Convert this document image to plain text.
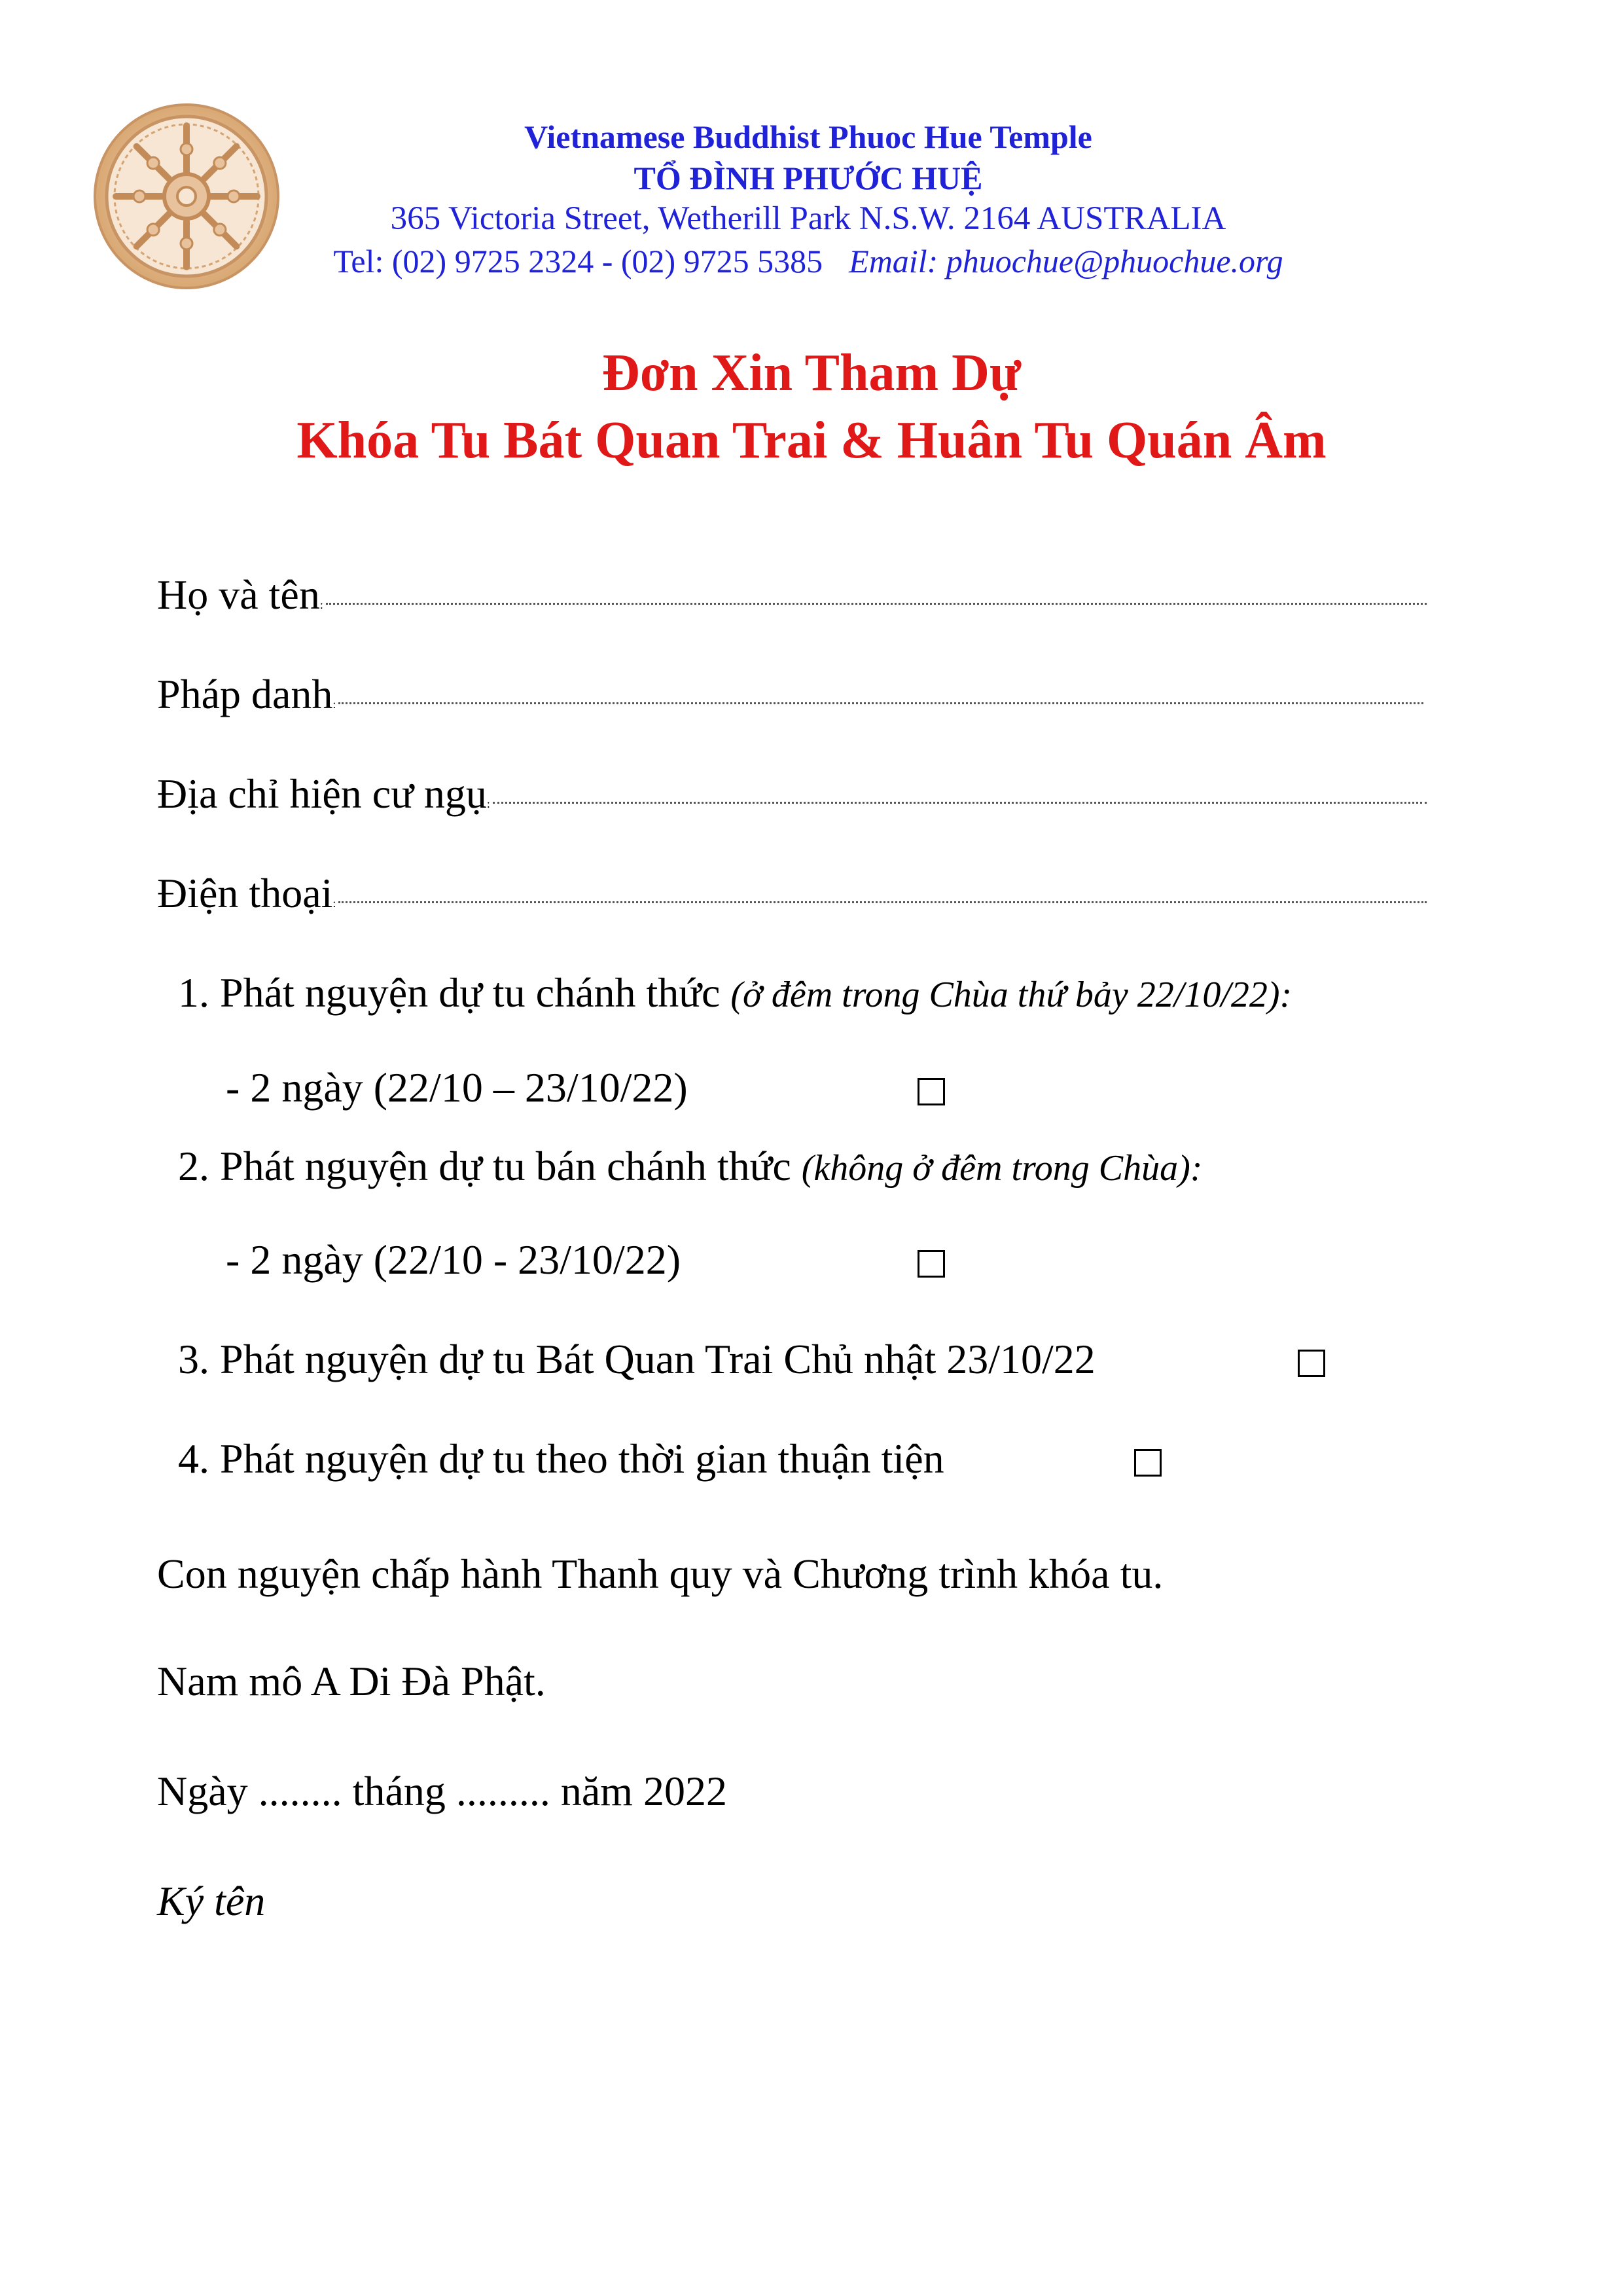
Vietnamese Buddhist Phuoc Hue Temple
TỔ ĐÌNH PHƯỚC HUỆ
365 Victoria Street, Wetherill Park N.S.W. 2164 AUSTRALIA
Tel: (02) 9725 2324 - (02) 9725 5385 Email: phuochue@phuochue.org
Đơn Xin Tham Dự
Khóa Tu Bát Quan Trai & Huân Tu Quán Âm
Họ và tên :
Pháp danh :
Địa chỉ hiện cư ngụ :
Điện thoại :
1. Phát nguyện dự tu chánh thức (ở đêm trong Chùa thứ bảy 22/10/22):
- 2 ngày (22/10 – 23/10/22)
2. Phát nguyện dự tu bán chánh thức (không ở đêm trong Chùa):
- 2 ngày (22/10 - 23/10/22)
3. Phát nguyện dự tu Bát Quan Trai Chủ nhật 23/10/22
4. Phát nguyện dự tu theo thời gian thuận tiện
Con nguyện chấp hành Thanh quy và Chương trình khóa tu.
Nam mô A Di Đà Phật.
Ngày ........ tháng ......... năm 2022
Ký tên
